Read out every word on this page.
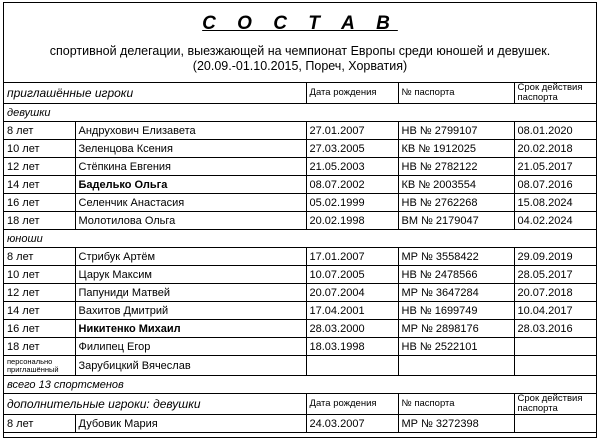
С О С Т А В
спортивной делегации, выезжающей на чемпионат Европы среди юношей и девушек.
(20.09.-01.10.2015, Пореч, Хорватия)
приглашённые игроки		Дата рождения	№ паспорта	Срок действия паспорта
девушки				
8 лет	Андрухович Елизавета	27.01.2007	НВ № 2799107	08.01.2020
10 лет	Зеленцова Ксения	27.03.2005	КВ № 1912025	20.02.2018
12 лет	Стёпкина Евгения	21.05.2003	НВ № 2782122	21.05.2017
14 лет	Баделько Ольга	08.07.2002	КВ № 2003554	08.07.2016
16 лет	Селенчик Анастасия	05.02.1999	НВ № 2762268	15.08.2024
18 лет	Молотилова Ольга	20.02.1998	ВМ № 2179047	04.02.2024
юноши				
8 лет	Стрибук Артём	17.01.2007	МР № 3558422	29.09.2019
10 лет	Царук Максим	10.07.2005	НВ № 2478566	28.05.2017
12 лет	Папуниди Матвей	20.07.2004	МР № 3647284	20.07.2018
14 лет	Вахитов Дмитрий	17.04.2001	НВ № 1699749	10.04.2017
16 лет	Никитенко Михаил	28.03.2000	МР № 2898176	28.03.2016
18 лет	Филипец Егор	18.03.1998	НВ № 2522101	
персонально приглашённый	Зарубицкий Вячеслав			
всего 13 спортсменов				
дополнительные игроки: девушки		Дата рождения	№ паспорта	Срок действия паспорта
8 лет	Дубовик Мария	24.03.2007	МР № 3272398	
